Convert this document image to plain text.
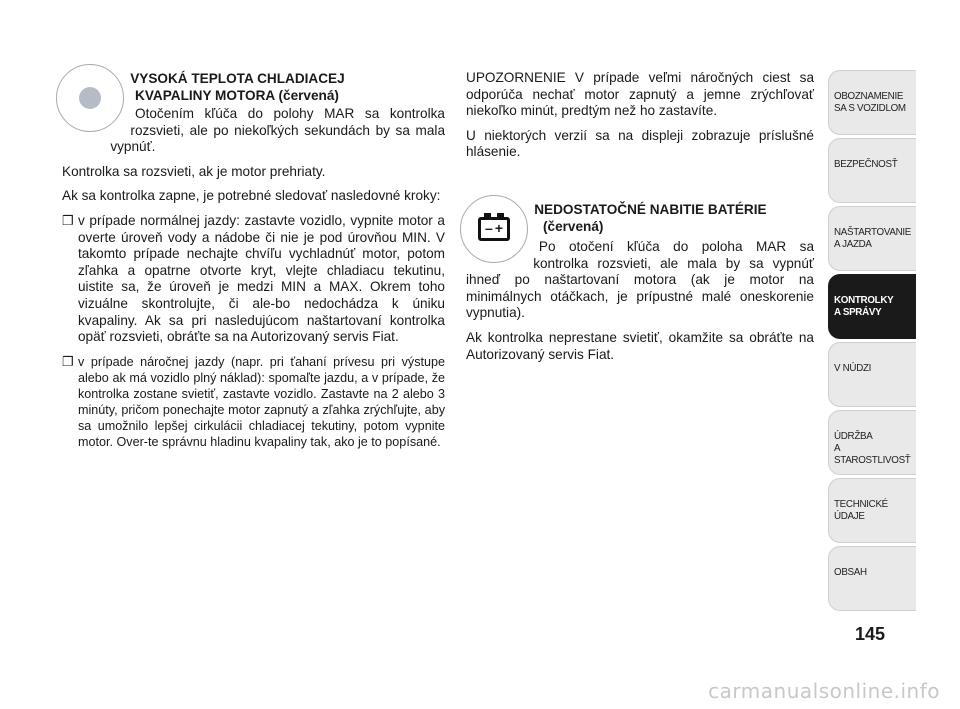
VYSOKÁ TEPLOTA CHLADIACEJ
KVAPALINY MOTORA (červená)

Otočením kľúča do polohy MAR sa kontrolka rozsvieti, ale po niekoľkých sekundách by sa mala vypnúť.

Kontrolka sa rozsvieti, ak je motor prehriaty.

Ak sa kontrolka zapne, je potrebné sledovať nasledovné kroky:

❒ v prípade normálnej jazdy: zastavte vozidlo, vypnite motor a overte úroveň vody a nádobe či nie je pod úrovňou MIN. V takomto prípade nechajte chvíľu vychladnúť motor, potom zľahka a opatrne otvorte kryt, vlejte chladiacu tekutinu, uistite sa, že úroveň je medzi MIN a MAX. Okrem toho vizuálne skontrolujte, či ale-bo nedochádza k úniku kvapaliny. Ak sa pri nasledujúcom naštartovaní kontrolka opäť rozsvieti, obráťte sa na Autorizovaný servis Fiat.
❒ v prípade náročnej jazdy (napr. pri ťahaní prívesu pri výstupe alebo ak má vozidlo plný náklad): spomaľte jazdu, a v prípade, že kontrolka zostane svietiť, zastavte vozidlo. Zastavte na 2 alebo 3 minúty, pričom ponechajte motor zapnutý a zľahka zrýchľujte, aby sa umožnilo lepšej cirkulácii chladiacej tekutiny, potom vypnite motor. Over-te správnu hladinu kvapaliny tak, ako je to popísané.

UPOZORNENIE V prípade veľmi náročných ciest sa odporúča nechať motor zapnutý a jemne zrýchľovať niekoľko minút, predtým než ho zastavíte.

U niektorých verzií sa na displeji zobrazuje príslušné hlásenie.

– +
NEDOSTATOČNÉ NABITIE BATÉRIE
(červená)

Po otočení kľúča do poloha MAR sa kontrolka rozsvieti, ale mala by sa vypnúť ihneď po naštartovaní motora (ak je motor na minimálnych otáčkach, je prípustné malé oneskorenie vypnutia).

Ak kontrolka neprestane svietiť, okamžite sa obráťte na Autorizovaný servis Fiat.

OBOZNAMENIE
SA S VOZIDLOM
BEZPEČNOSŤ
NAŠTARTOVANIE
A JAZDA
KONTROLKY
A SPRÁVY
V NÚDZI
ÚDRŽBA
A STAROSTLIVOSŤ
TECHNICKÉ
ÚDAJE
OBSAH
145
carmanualsonline.info
